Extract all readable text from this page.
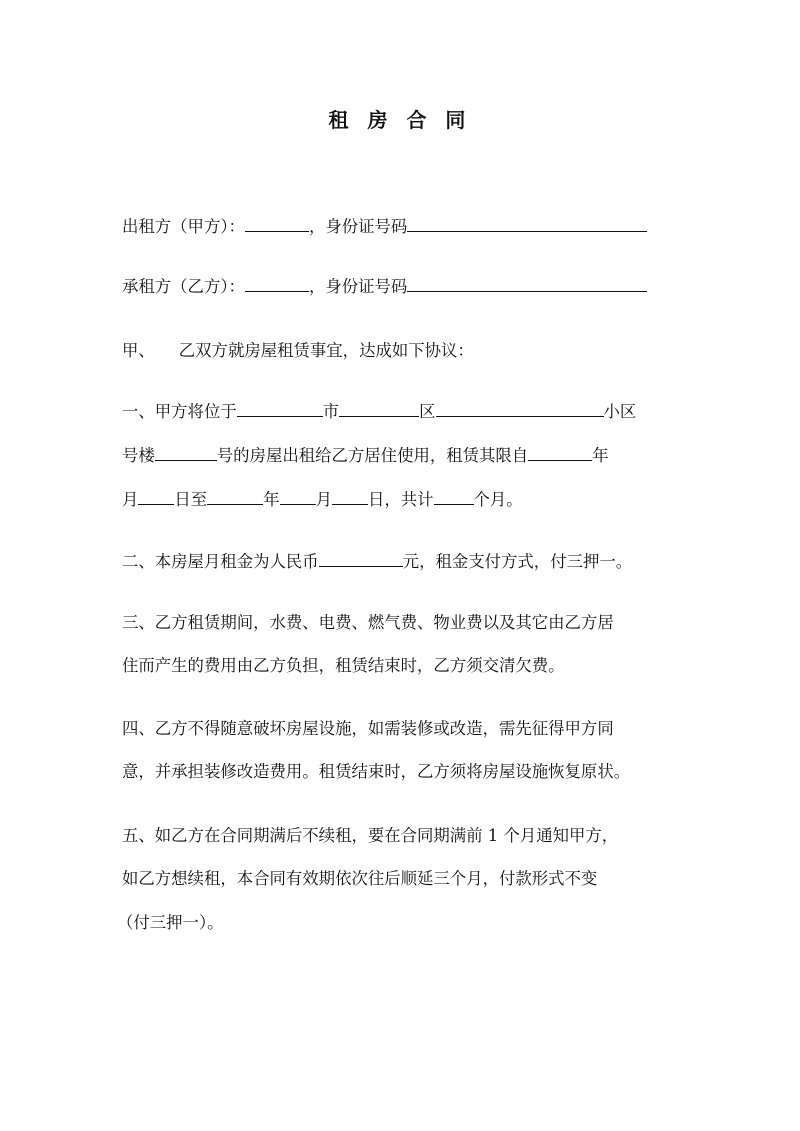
租 房 合 同
出租方（甲方）：	，身份证号码
承租方（乙方）：	，身份证号码
甲、 乙双方就房屋租赁事宜，达成如下协议：
一、甲方将位于	市	区	小区
号楼	号的房屋出租给乙方居住使用，租赁其限自	年
月 日至	年 月 日，共计 个月。
二、本房屋月租金为人民币	元，租金支付方式，付三押一。
三、乙方租赁期间，水费、电费、燃气费、物业费以及其它由乙方居
住而产生的费用由乙方负担，租赁结束时，乙方须交清欠费。
四、乙方不得随意破坏房屋设施，如需装修或改造，需先征得甲方同
意，并承担装修改造费用。租赁结束时，乙方须将房屋设施恢复原状。
五、如乙方在合同期满后不续租，要在合同期满前 1 个月通知甲方，
如乙方想续租，本合同有效期依次往后顺延三个月，付款形式不变
（付三押一）。
